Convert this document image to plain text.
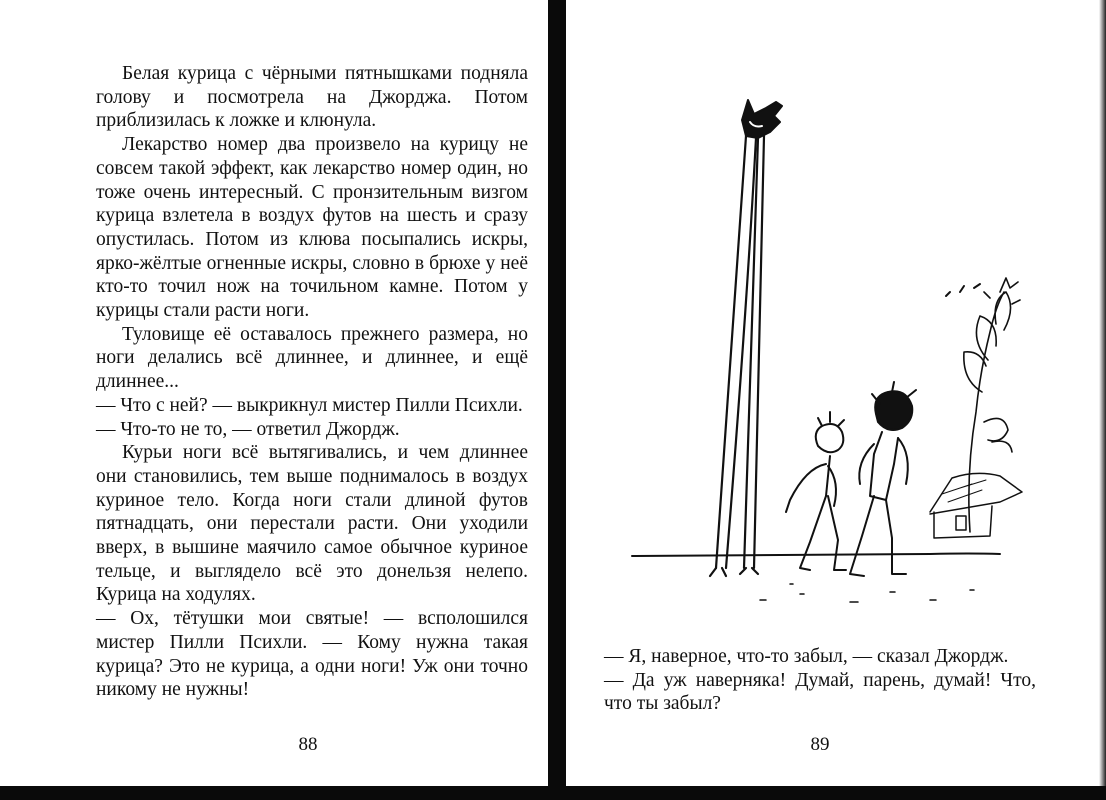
Белая курица с чёрными пятнышками подняла голову и посмотрела на Джорджа. Потом приблизилась к ложке и клюнула.

Лекарство номер два произвело на курицу не совсем такой эффект, как лекарство номер один, но тоже очень интересный. С пронзительным визгом курица взлетела в воздух футов на шесть и сразу опустилась. Потом из клюва посыпались искры, ярко-жёлтые огненные искры, словно в брюхе у неё кто-то точил нож на точильном камне. Потом у курицы стали расти ноги.

Туловище её оставалось прежнего размера, но ноги делались всё длиннее, и длиннее, и ещё длиннее...

— Что с ней? — выкрикнул мистер Пилли Психли.

— Что-то не то, — ответил Джордж.

Курьи ноги всё вытягивались, и чем длиннее они становились, тем выше поднималось в воздух куриное тело. Когда ноги стали длиной футов пятнадцать, они перестали расти. Они уходили вверх, в вышине маячило самое обычное куриное тельце, и выглядело всё это донельзя нелепо. Курица на ходулях.

— Ох, тётушки мои святые! — всполошился мистер Пилли Психли. — Кому нужна такая курица? Это не курица, а одни ноги! Уж они точно никому не нужны!

88

— Я, наверное, что-то забыл, — сказал Джордж.

— Да уж наверняка! Думай, парень, думай! Что, что ты забыл?

89
